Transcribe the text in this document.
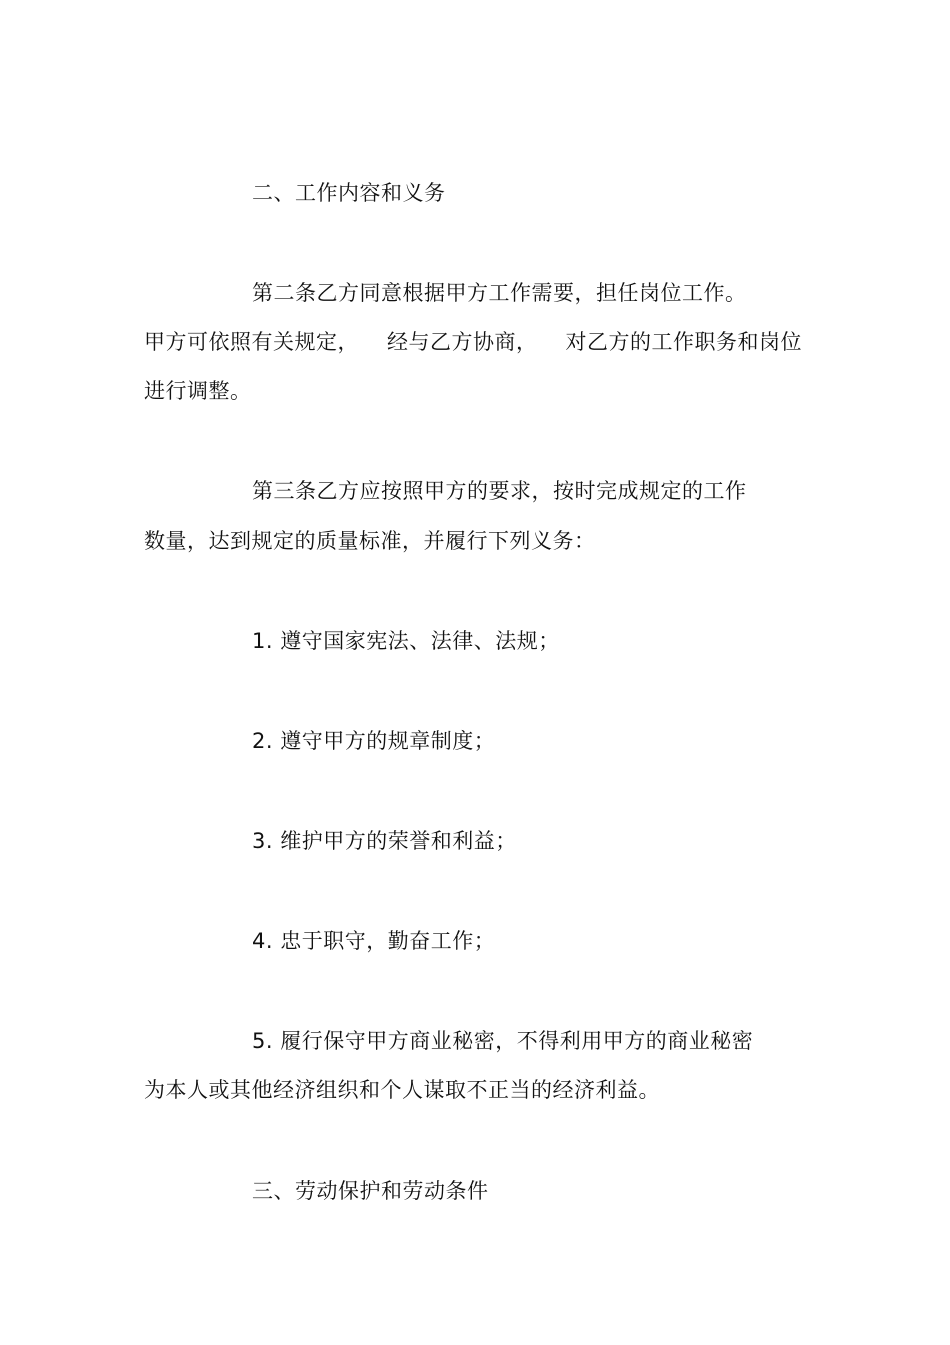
二、工作内容和义务
第二条乙方同意根据甲方工作需要，担任岗位工作。
甲方可依照有关规定， 经与乙方协商， 对乙方的工作职务和岗位
进行调整。
第三条乙方应按照甲方的要求，按时完成规定的工作
数量，达到规定的质量标准，并履行下列义务：
1. 遵守国家宪法、法律、法规；
2. 遵守甲方的规章制度；
3. 维护甲方的荣誉和利益；
4. 忠于职守，勤奋工作；
5. 履行保守甲方商业秘密，不得利用甲方的商业秘密
为本人或其他经济组织和个人谋取不正当的经济利益。
三、劳动保护和劳动条件
